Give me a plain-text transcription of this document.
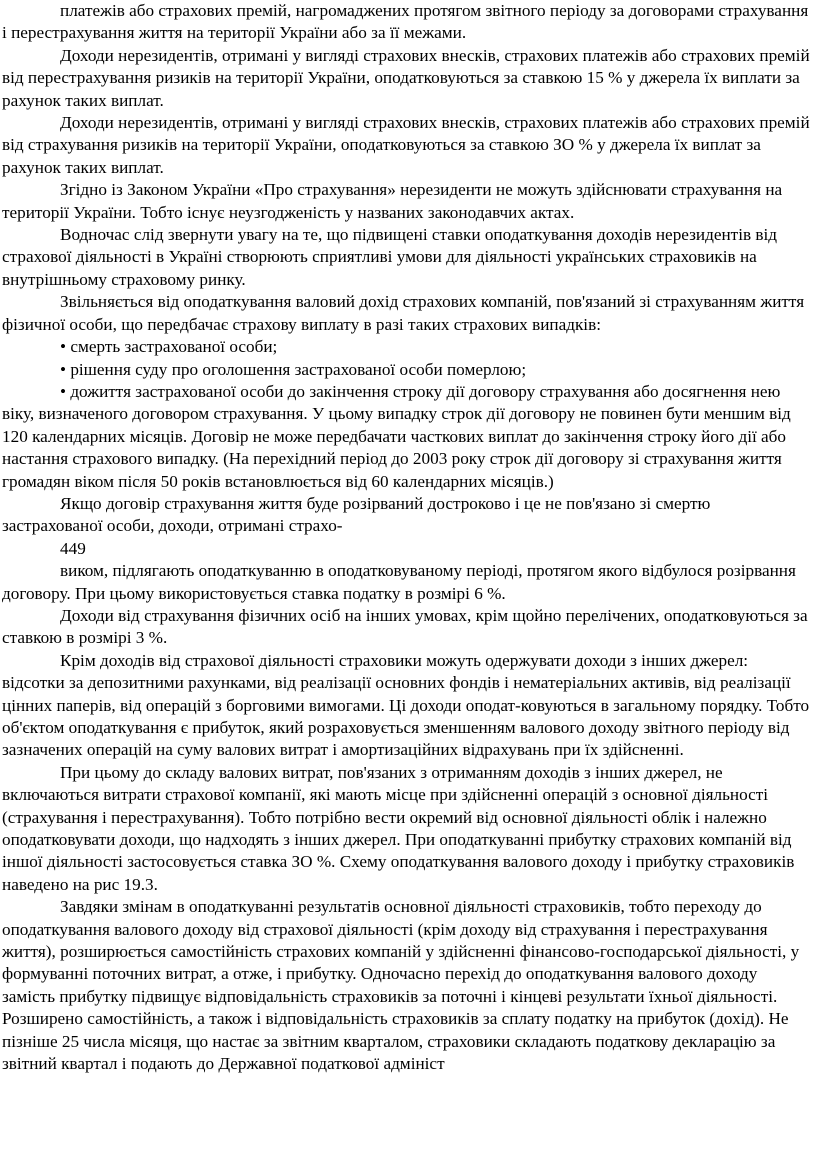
платежів або страхових премій, нагромаджених протягом звітного періоду за договорами страхування і перестрахування життя на території України або за її межами.

Доходи нерезидентів, отримані у вигляді страхових внесків, страхових платежів або страхових премій від перестрахування ризиків на території України, оподатковуються за ставкою 15 % у джерела їх виплати за рахунок таких виплат.

Доходи нерезидентів, отримані у вигляді страхових внесків, страхових платежів або страхових премій від страхування ризиків на території України, оподатковуються за ставкою ЗО % у джерела їх виплат за рахунок таких виплат.

Згідно із Законом України «Про страхування» нерезиденти не можуть здійснювати страхування на території України. Тобто існує неузгодженість у названих законодавчих актах.

Водночас слід звернути увагу на те, що підвищені ставки оподаткування доходів нерезидентів від страхової діяльності в Україні створюють сприятливі умови для діяльності українських страховиків на внутрішньому страховому ринку.

Звільняється від оподаткування валовий дохід страхових компаній, пов'язаний зі страхуванням життя фізичної особи, що передбачає страхову виплату в разі таких страхових випадків:

• смерть застрахованої особи;

• рішення суду про оголошення застрахованої особи померлою;

• дожиття застрахованої особи до закінчення строку дії договору страхування або досягнення нею віку, визначеного договором страхування. У цьому випадку строк дії договору не повинен бути меншим від 120 календарних місяців. Договір не може передбачати часткових виплат до закінчення строку його дії або настання страхового випадку. (На перехідний період до 2003 року строк дії договору зі страхування життя громадян віком після 50 років встановлюється від 60 календарних місяців.)

Якщо договір страхування життя буде розірваний достроково і це не пов'язано зі смертю застрахованої особи, доходи, отримані страхо-

449

виком, підлягають оподаткуванню в оподатковуваному періоді, протягом якого відбулося розірвання договору. При цьому використовується ставка податку в розмірі 6 %.

Доходи від страхування фізичних осіб на інших умовах, крім щойно перелічених, оподатковуються за ставкою в розмірі 3 %.

Крім доходів від страхової діяльності страховики можуть одержувати доходи з інших джерел: відсотки за депозитними рахунками, від реалізації основних фондів і нематеріальних активів, від реалізації цінних паперів, від операцій з борговими вимогами. Ці доходи оподат-ковуються в загальному порядку. Тобто об'єктом оподаткування є прибуток, який розраховується зменшенням валового доходу звітного періоду від зазначених операцій на суму валових витрат і амортизаційних відрахувань при їх здійсненні.

При цьому до складу валових витрат, пов'язаних з отриманням доходів з інших джерел, не включаються витрати страхової компанії, які мають місце при здійсненні операцій з основної діяльності (страхування і перестрахування). Тобто потрібно вести окремий від основної діяльності облік і належно оподатковувати доходи, що надходять з інших джерел. При оподаткуванні прибутку страхових компаній від іншої діяльності застосовується ставка ЗО %. Схему оподаткування валового доходу і прибутку страховиків наведено на рис 19.3.

Завдяки змінам в оподаткуванні результатів основної діяльності страховиків, тобто переходу до оподаткування валового доходу від страхової діяльності (крім доходу від страхування і перестрахування життя), розширюється самостійність страхових компаній у здійсненні фінансово-господарської діяльності, у формуванні поточних витрат, а отже, і прибутку. Одночасно перехід до оподаткування валового доходу замість прибутку підвищує відповідальність страховиків за поточні і кінцеві результати їхньої діяльності.

Розширено самостійність, а також і відповідальність страховиків за сплату податку на прибуток (дохід). Не пізніше 25 числа місяця, що настає за звітним кварталом, страховики складають податкову декларацію за звітний квартал і подають до Державної податкової адмініст
